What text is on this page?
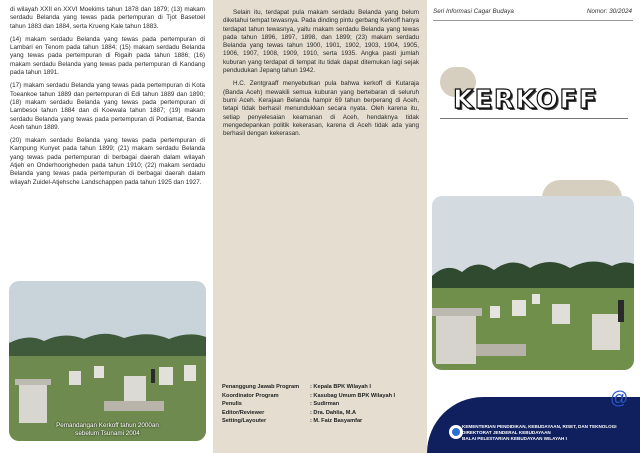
di wilayah XXII en XXVI Moekims tahun 1878 dan 1879; (13) makam serdadu Belanda yang tewas pada pertempuran di Tjot Basetoel tahun 1883 dan 1884, serta Krueng Kale tahun 1883.

(14) makam serdadu Belanda yang tewas pada pertempuran di Lambari en Tenom pada tahun 1884; (15) makam serdadu Belanda yang tewas pada pertempuran di Rigaih pada tahun 1886; (16) makam serdadu Belanda yang tewas pada pertempuran di Kandang pada tahun 1891.

(17) makam serdadu Belanda yang tewas pada pertempuran di Kota Toeankoe tahun 1889 dan pertempuran di Edi tahun 1889 dan 1890; (18) makam serdadu Belanda yang tewas pada pertempuran di Lambesoi tahun 1884 dan di Koewala tahun 1887; (19) makam serdadu Belanda yang tewas pada pertempuran di Podiamat, Banda Aceh tahun 1889.

(20) makam serdadu Belanda yang tewas pada pertempuran di Kampung Kunyet pada tahun 1899; (21) makam serdadu Belanda yang tewas pada pertempuran di berbagai daerah dalam wilayah Atjeh en Onderhoorigheden pada tahun 1910; (22) makam serdadu Belanda yang tewas pada pertempuran di berbagai daerah dalam wilayah Zuidel-Atjehsche Landschappen pada tahun 1925 dan 1927.

Pemandangan Kerkoff tahun 2000an
sebelum Tsunami 2004

Selain itu, terdapat pula makam serdadu Belanda yang belum diketahui tempat tewasnya. Pada dinding pintu gerbang Kerkoff hanya terdapat tahun tewasnya, yaitu makam serdadu Belanda yang tewas pada tahun 1896, 1897, 1898, dan 1899; (23) makam serdadu Belanda yang tewas tahun 1900, 1901, 1902, 1903, 1904, 1905, 1906, 1907, 1908, 1909, 1910, serta 1935. Angka pasti jumlah kuburan yang terdapat di tempat itu tidak dapat ditemukan lagi sejak pendudukan Jepang tahun 1942.

H.C. Zentgraaff menyebutkan pula bahwa kerkoff di Kutaraja (Banda Aceh) mewakili semua kuburan yang bertebaran di seluruh bumi Aceh. Kerajaan Belanda hampir 69 tahun berperang di Aceh, tetapi tidak berhasil menundukkan secara nyata. Oleh karena itu, setiap penyelesaian keamanan di Aceh, hendaknya tidak mengedepankan politik kekerasan, karena di Aceh tidak ada yang berhasil dengan kekerasan.

Penanggung Jawab Program	: Kepala BPK Wilayah I
Koordinator Program	: Kasubag Umum BPK Wilayah I
Penulis	: Sudirman
Editor/Reviewer	: Dra. Dahlia, M.A
Setting/Layouter	: M. Faiz Basyamfar
Seri Informasi Cagar Budaya	Nomor: 30/2024
KERKOFF
KEMENTERIAN PENDIDIKAN, KEBUDAYAAN, RISET, DAN TEKNOLOGI
DIREKTORAT JENDERAL KEBUDAYAAN
BALAI PELESTARIAN KEBUDAYAAN WILAYAH I
@
